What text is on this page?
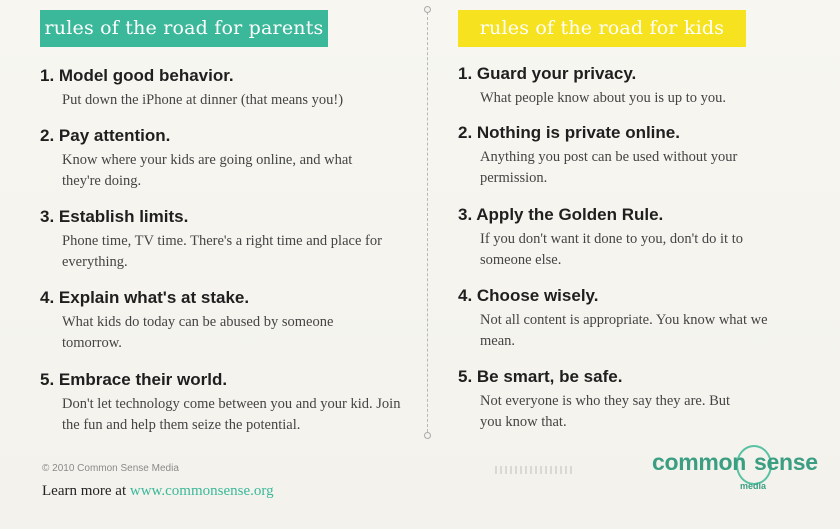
rules of the road for parents

1. Model good behavior.

Put down the iPhone at dinner (that means you!)

2. Pay attention.

Know where your kids are going online, and what they're doing.

3. Establish limits.

Phone time, TV time. There's a right time and place for everything.

4. Explain what's at stake.

What kids do today can be abused by someone tomorrow.

5. Embrace their world.

Don't let technology come between you and your kid. Join the fun and help them seize the potential.

rules of the road for kids

1. Guard your privacy.

What people know about you is up to you.

2. Nothing is private online.

Anything you post can be used without your permission.

3. Apply the Golden Rule.

If you don't want it done to you, don't do it to someone else.

4. Choose wisely.

Not all content is appropriate. You know what we mean.

5. Be smart, be safe.

Not everyone is who they say they are. But you know that.

© 2010 Common Sense Media
Learn more at www.commonsense.org
common sense
media
